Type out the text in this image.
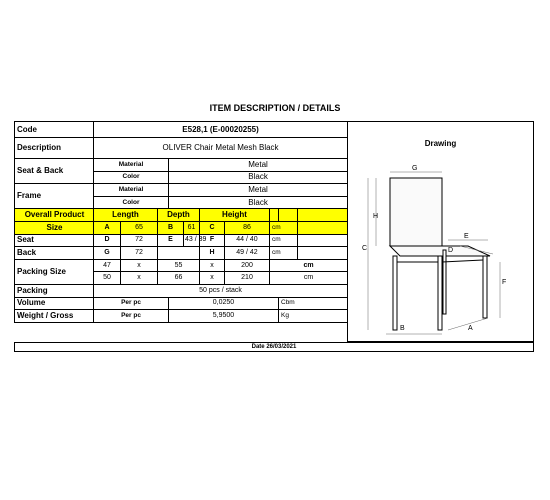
ITEM DESCRIPTION / DETAILS
Code	E528,1 (E-00020255)									
Description	OLIVER Chair Metal Mesh Black									
Seat & Back	Material			Metal						
	Color			Black						
Frame	Material			Metal						
	Color			Black						
Overall Product	Length		Depth			Height				
Size	A	65	B		61	C	86	cm		
Seat	D	72	E		43 / 39	F	44 / 40	cm		
Back	G	72				H	49 / 42	cm		
Packing Size	47	x	55			x	200	cm		
	50	x	66			x	210	cm		
Packing	50 pcs / stack									
Volume	Per pc			0,0250					Cbm	
Weight / Gross	Per pc			5,9500					Kg	
Drawing
G
H
C
E
D
F
B	A
Date 26/03/2021
